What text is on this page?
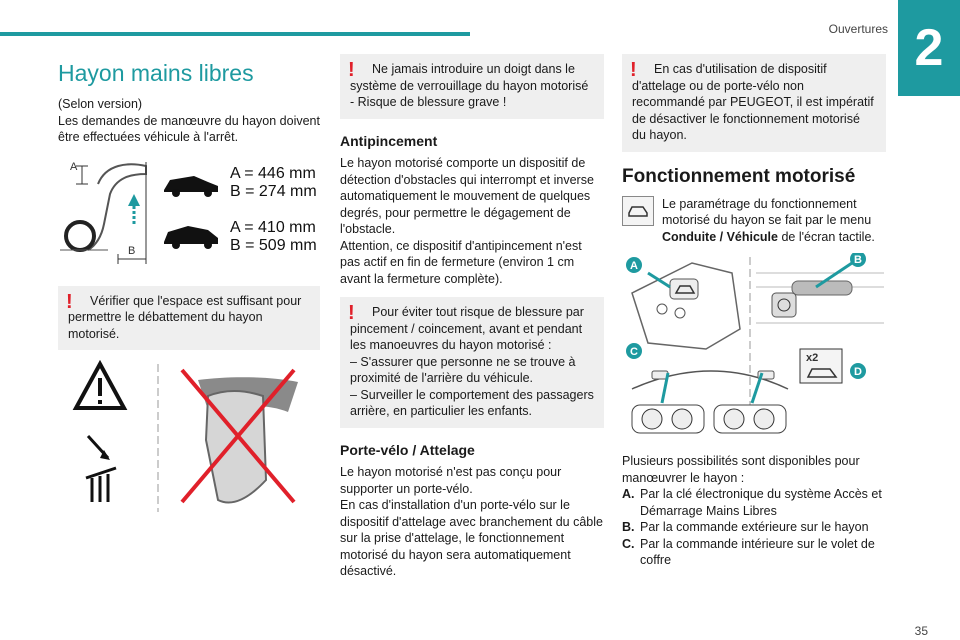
Ouvertures 2
Hayon mains libres

(Selon version)

Les demandes de manœuvre du hayon doivent être effectuées véhicule à l'arrêt.

A
B
A = 446 mm
B = 274 mm
A = 410 mm
B = 509 mm
!	Vérifier que l'espace est suffisant pour permettre le débattement du hayon motorisé.

!	Ne jamais introduire un doigt dans le système de verrouillage du hayon motorisé - Risque de blessure grave !

Antipincement

Le hayon motorisé comporte un dispositif de détection d'obstacles qui interrompt et inverse automatiquement le mouvement de quelques degrés, pour permettre le dégagement de l'obstacle.

Attention, ce dispositif d'antipincement n'est pas actif en fin de fermeture (environ 1 cm avant la fermeture complète).

!	Pour éviter tout risque de blessure par pincement / coincement, avant et pendant les manoeuvres du hayon motorisé :

– S'assurer que personne ne se trouve à proximité de l'arrière du véhicule.

– Surveiller le comportement des passagers arrière, en particulier les enfants.

Porte-vélo / Attelage

Le hayon motorisé n'est pas conçu pour supporter un porte-vélo.

En cas d'installation d'un porte-vélo sur le dispositif d'attelage avec branchement du câble sur la prise d'attelage, le fonctionnement motorisé du hayon sera automatiquement désactivé.

!	En cas d'utilisation de dispositif d'attelage ou de porte-vélo non recommandé par PEUGEOT, il est impératif de désactiver le fonctionnement motorisé du hayon.

Fonctionnement motorisé

Le paramétrage du fonctionnement motorisé du hayon se fait par le menu Conduite / Véhicule de l'écran tactile.

A	B
C	x2
D

Plusieurs possibilités sont disponibles pour manœuvrer le hayon :

A. Par la clé électronique du système Accès et Démarrage Mains Libres
B. Par la commande extérieure sur le hayon
C. Par la commande intérieure sur le volet de coffre
35
